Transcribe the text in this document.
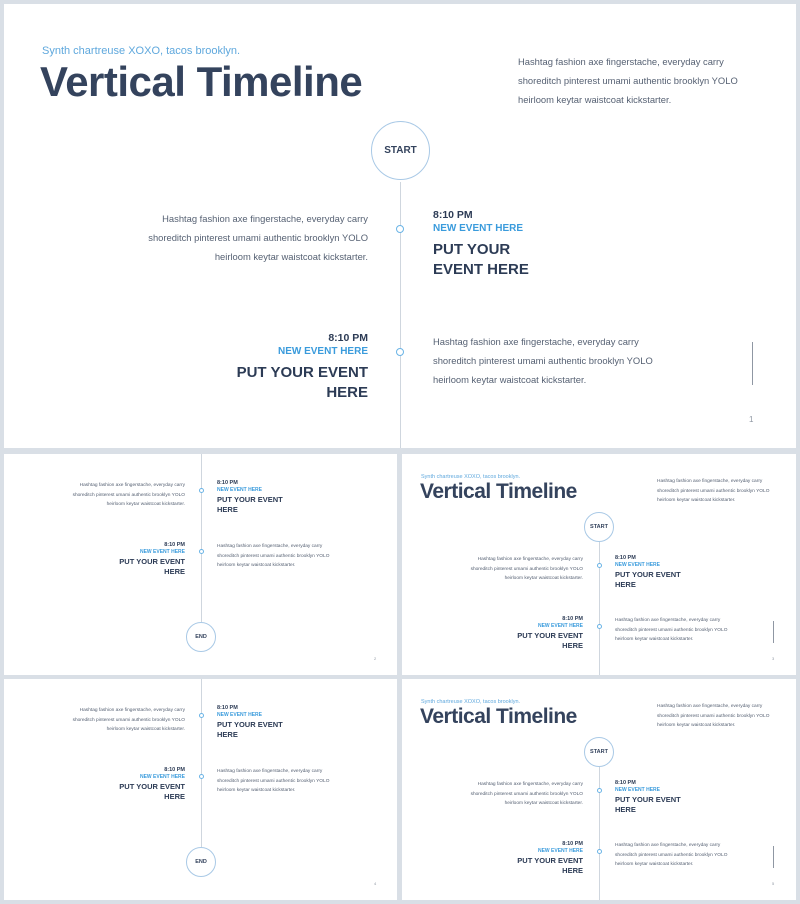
Synth chartreuse XOXO, tacos brooklyn.
Vertical Timeline	Hashtag fashion axe fingerstache, everyday carry shoreditch pinterest umami authentic brooklyn YOLO heirloom keytar waistcoat kickstarter.
START
Hashtag fashion axe fingerstache, everyday carry shoreditch pinterest umami authentic brooklyn YOLO heirloom keytar waistcoat kickstarter.
8:10 PM
NEW EVENT HERE
PUT YOUR EVENT HERE
8:10 PM
NEW EVENT HERE
PUT YOUR EVENT HERE
Hashtag fashion axe fingerstache, everyday carry shoreditch pinterest umami authentic brooklyn YOLO heirloom keytar waistcoat kickstarter.
1
Hashtag fashion axe fingerstache, everyday carry shoreditch pinterest umami authentic brooklyn YOLO heirloom keytar waistcoat kickstarter.
8:10 PM
NEW EVENT HERE
PUT YOUR EVENT HERE
8:10 PM
NEW EVENT HERE
PUT YOUR EVENT HERE
Hashtag fashion axe fingerstache, everyday carry shoreditch pinterest umami authentic brooklyn YOLO heirloom keytar waistcoat kickstarter.
END
2
Synth chartreuse XOXO, tacos brooklyn.
Vertical Timeline	Hashtag fashion axe fingerstache, everyday carry shoreditch pinterest umami authentic brooklyn YOLO heirloom keytar waistcoat kickstarter.
START
Hashtag fashion axe fingerstache, everyday carry shoreditch pinterest umami authentic brooklyn YOLO heirloom keytar waistcoat kickstarter.
8:10 PM
NEW EVENT HERE
PUT YOUR EVENT HERE
8:10 PM
NEW EVENT HERE
PUT YOUR EVENT HERE
Hashtag fashion axe fingerstache, everyday carry shoreditch pinterest umami authentic brooklyn YOLO heirloom keytar waistcoat kickstarter.
3
Hashtag fashion axe fingerstache, everyday carry shoreditch pinterest umami authentic brooklyn YOLO heirloom keytar waistcoat kickstarter.
8:10 PM
NEW EVENT HERE
PUT YOUR EVENT HERE
8:10 PM
NEW EVENT HERE
PUT YOUR EVENT HERE
Hashtag fashion axe fingerstache, everyday carry shoreditch pinterest umami authentic brooklyn YOLO heirloom keytar waistcoat kickstarter.
END
4
Synth chartreuse XOXO, tacos brooklyn.
Vertical Timeline	Hashtag fashion axe fingerstache, everyday carry shoreditch pinterest umami authentic brooklyn YOLO heirloom keytar waistcoat kickstarter.
START
Hashtag fashion axe fingerstache, everyday carry shoreditch pinterest umami authentic brooklyn YOLO heirloom keytar waistcoat kickstarter.
8:10 PM
NEW EVENT HERE
PUT YOUR EVENT HERE
8:10 PM
NEW EVENT HERE
PUT YOUR EVENT HERE
Hashtag fashion axe fingerstache, everyday carry shoreditch pinterest umami authentic brooklyn YOLO heirloom keytar waistcoat kickstarter.
5
